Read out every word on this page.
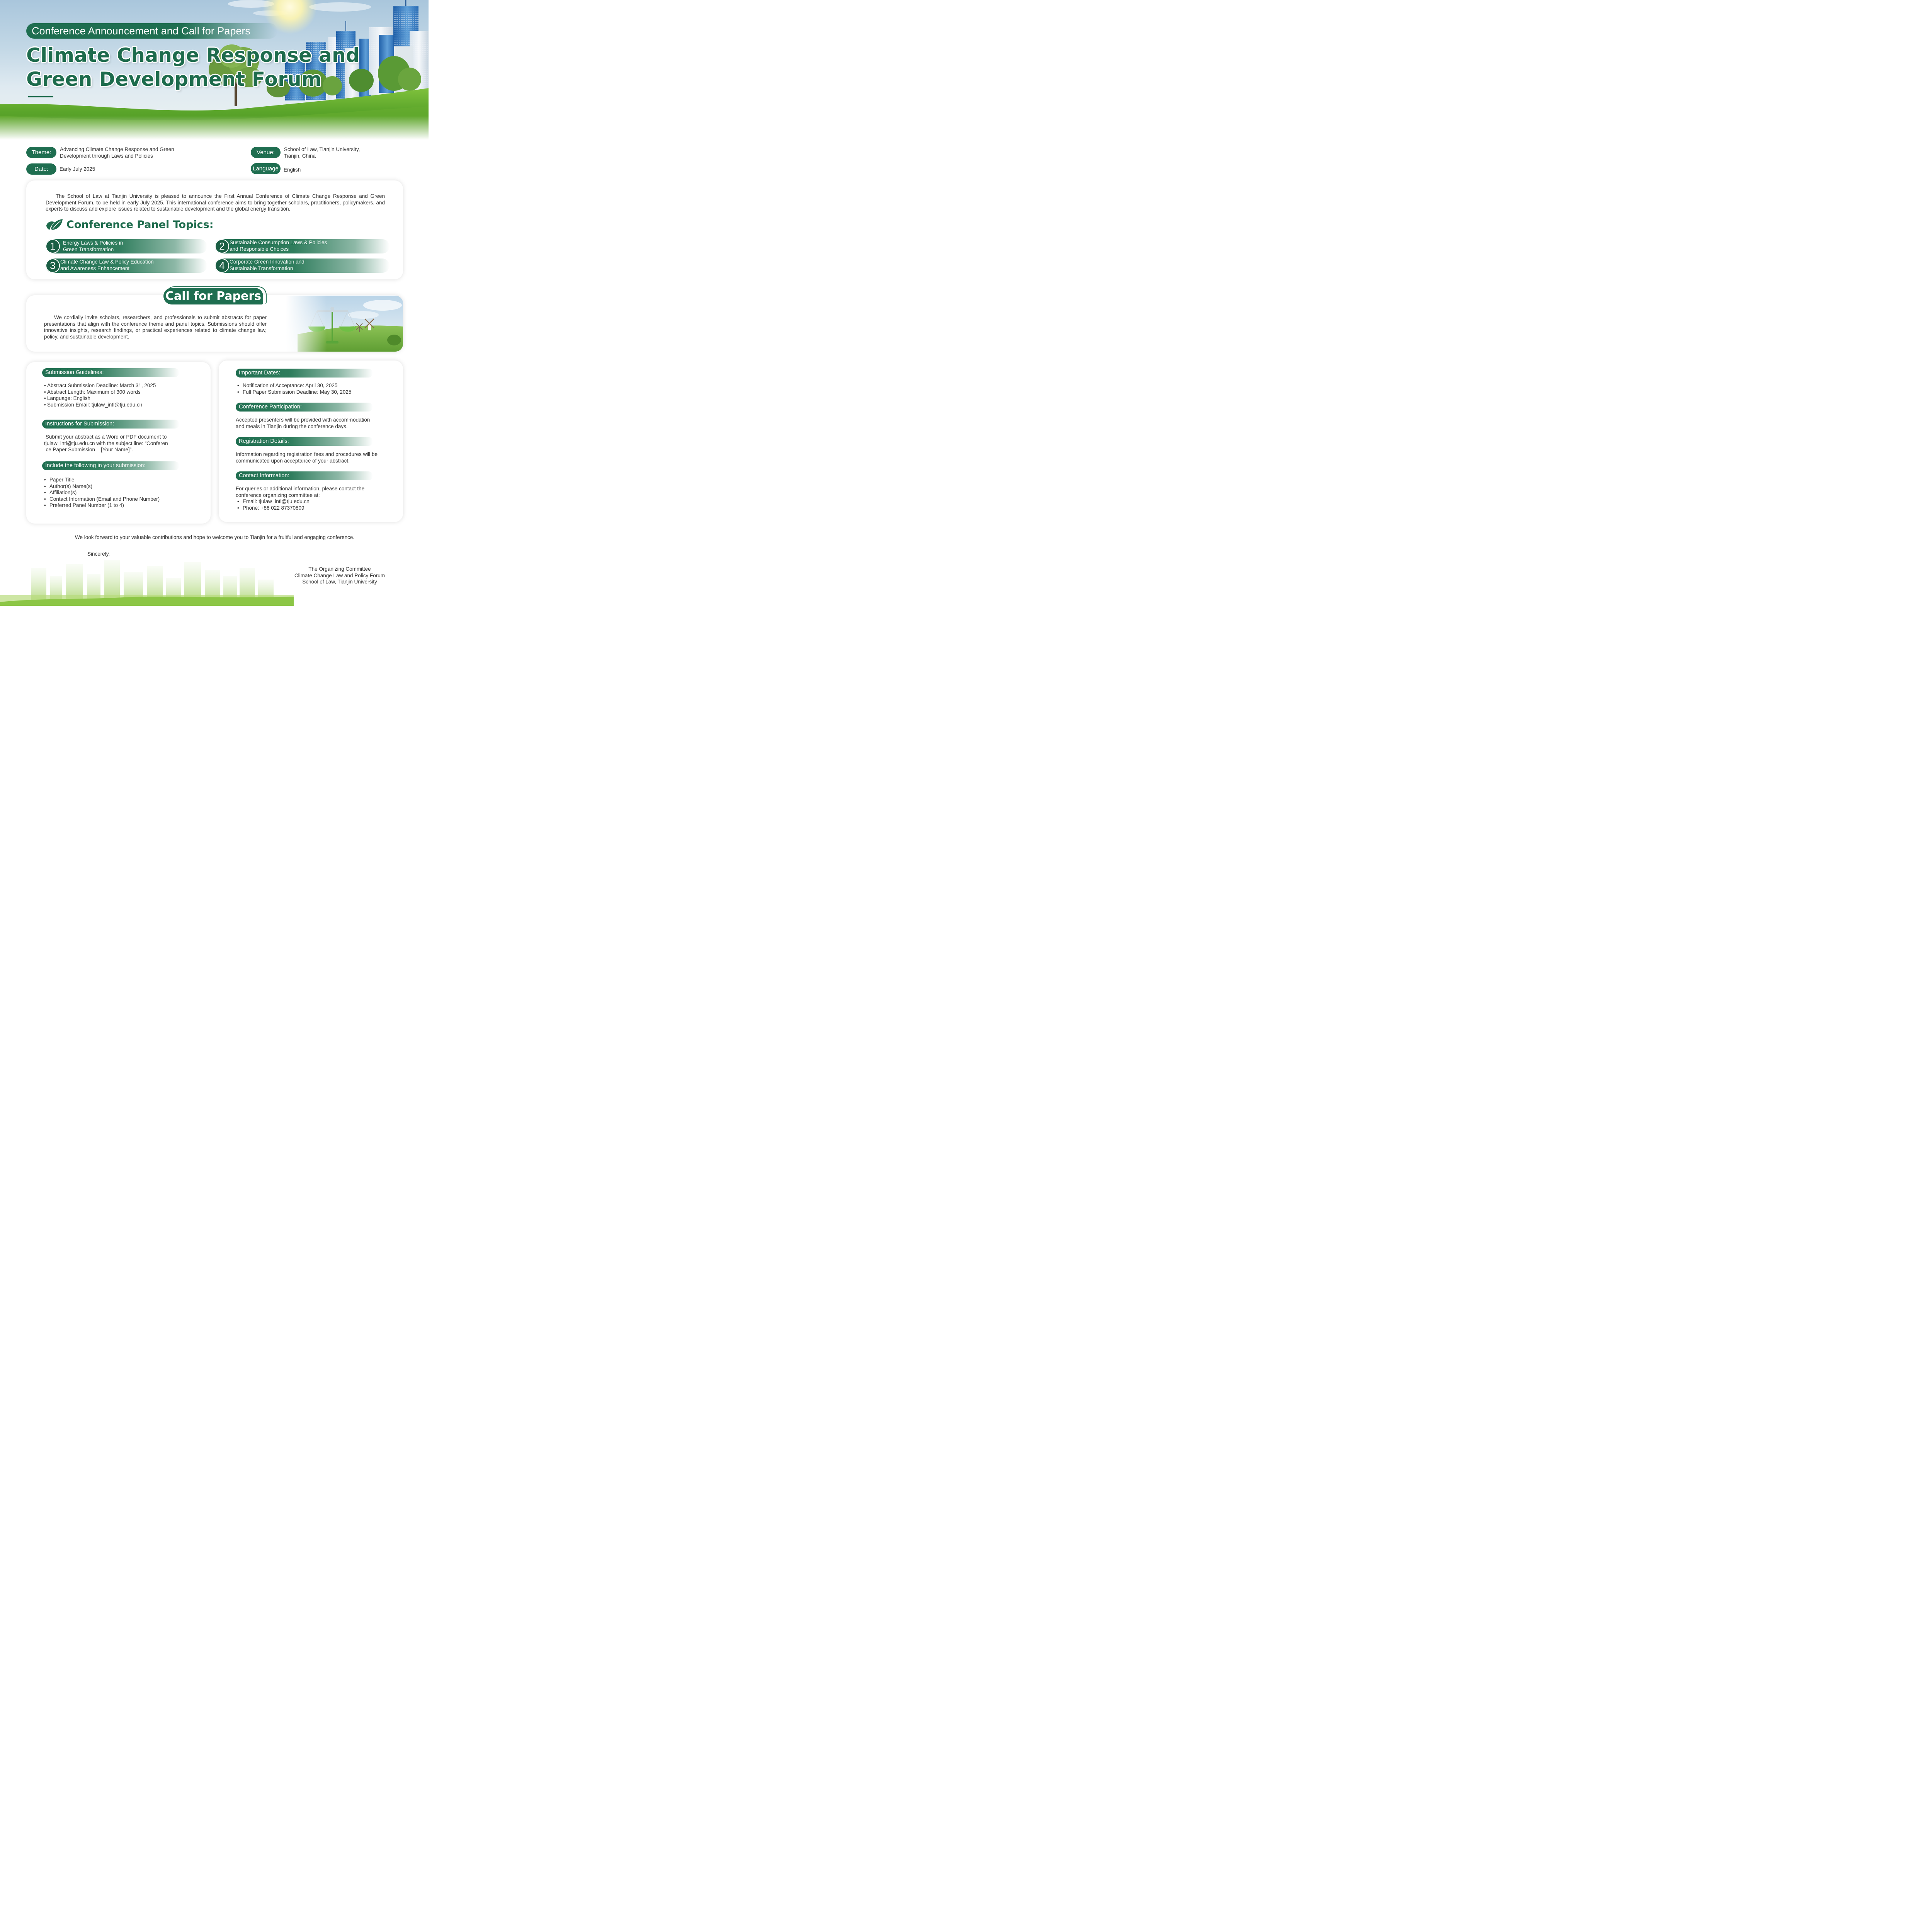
Conference Announcement and Call for Papers
Climate Change Response and
Green Development Forum
Theme:	Advancing Climate Change Response and Green
Development through Laws and Policies	Venue:	School of Law, Tianjin University,
Tianjin, China
Date:	Early July 2025	Language English
The School of Law at Tianjin University is pleased to announce the First Annual Conference of Climate Change Response and Green Development Forum, to be held in early July 2025. This international conference aims to bring together scholars, practitioners, policymakers, and experts to discuss and explore issues related to sustainable development and the global energy transition.
Conference Panel Topics:
1	Energy Laws & Policies in
Green Transformation	2 Sustainable Consumption Laws & Policies
and Responsible Choices
3 Climate Change Law & Policy Education
and Awareness Enhancement	4 Corporate Green Innovation and
Sustainable Transformation
Call for Papers
We cordially invite scholars, researchers, and professionals to submit abstracts for paper presentations that align with the conference theme and panel topics. Submissions should offer innovative insights, research findings, or practical experiences related to climate change law, policy, and sustainable development.
Submission Guidelines:
• Abstract Submission Deadline: March 31, 2025
• Abstract Length: Maximum of 300 words
• Language: English
• Submission Email: tjulaw_intl@tju.edu.cn
Instructions for Submission:
Submit your abstract as a Word or PDF document to
tjulaw_intl@tju.edu.cn with the subject line: “Conferen
-ce Paper Submission – [Your Name]”.
Include the following in your submission:
• Paper Title
• Author(s) Name(s)
• Affiliation(s)
• Contact Information (Email and Phone Number)
• Preferred Panel Number (1 to 4)
Important Dates:
• Notification of Acceptance: April 30, 2025
• Full Paper Submission Deadline: May 30, 2025
Conference Participation:
Accepted presenters will be provided with accommodation
and meals in Tianjin during the conference days.
Registration Details:
Information regarding registration fees and procedures will be
communicated upon acceptance of your abstract.
Contact Information:
For queries or additional information, please contact the
conference organizing committee at:
• Email: tjulaw_intl@tju.edu.cn
• Phone: +86 022 87370809
We look forward to your valuable contributions and hope to welcome you to Tianjin for a fruitful and engaging conference.
Sincerely,
The Organizing Committee
Climate Change Law and Policy Forum
School of Law, Tianjin University
